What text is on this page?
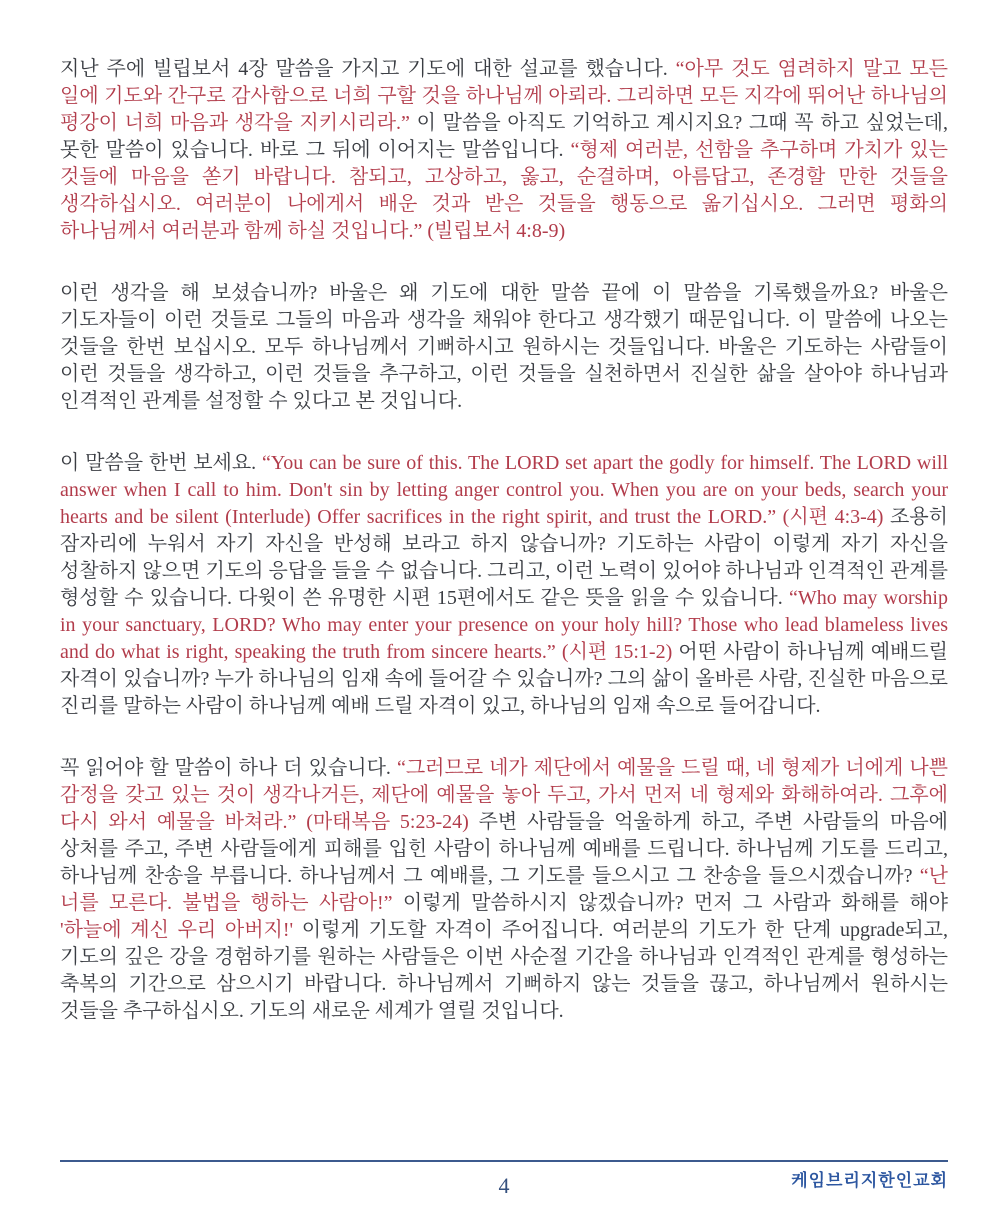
지난 주에 빌립보서 4장 말씀을 가지고 기도에 대한 설교를 했습니다. “아무 것도 염려하지 말고 모든 일에 기도와 간구로 감사함으로 너희 구할 것을 하나님께 아뢰라. 그리하면 모든 지각에 뛰어난 하나님의 평강이 너희 마음과 생각을 지키시리라.” 이 말씀을 아직도 기억하고 계시지요? 그때 꼭 하고 싶었는데, 못한 말씀이 있습니다. 바로 그 뒤에 이어지는 말씀입니다. “형제 여러분, 선함을 추구하며 가치가 있는 것들에 마음을 쏟기 바랍니다. 참되고, 고상하고, 옳고, 순결하며, 아름답고, 존경할 만한 것들을 생각하십시오. 여러분이 나에게서 배운 것과 받은 것들을 행동으로 옮기십시오. 그러면 평화의 하나님께서 여러분과 함께 하실 것입니다.” (빌립보서 4:8-9)

이런 생각을 해 보셨습니까? 바울은 왜 기도에 대한 말씀 끝에 이 말씀을 기록했을까요? 바울은 기도자들이 이런 것들로 그들의 마음과 생각을 채워야 한다고 생각했기 때문입니다. 이 말씀에 나오는 것들을 한번 보십시오. 모두 하나님께서 기뻐하시고 원하시는 것들입니다. 바울은 기도하는 사람들이 이런 것들을 생각하고, 이런 것들을 추구하고, 이런 것들을 실천하면서 진실한 삶을 살아야 하나님과 인격적인 관계를 설정할 수 있다고 본 것입니다.

이 말씀을 한번 보세요. “You can be sure of this. The LORD set apart the godly for himself. The LORD will answer when I call to him. Don't sin by letting anger control you. When you are on your beds, search your hearts and be silent (Interlude) Offer sacrifices in the right spirit, and trust the LORD.” (시편 4:3-4) 조용히 잠자리에 누워서 자기 자신을 반성해 보라고 하지 않습니까? 기도하는 사람이 이렇게 자기 자신을 성찰하지 않으면 기도의 응답을 들을 수 없습니다. 그리고, 이런 노력이 있어야 하나님과 인격적인 관계를 형성할 수 있습니다. 다윗이 쓴 유명한 시편 15편에서도 같은 뜻을 읽을 수 있습니다. “Who may worship in your sanctuary, LORD? Who may enter your presence on your holy hill? Those who lead blameless lives and do what is right, speaking the truth from sincere hearts.” (시편 15:1-2) 어떤 사람이 하나님께 예배드릴 자격이 있습니까? 누가 하나님의 임재 속에 들어갈 수 있습니까? 그의 삶이 올바른 사람, 진실한 마음으로 진리를 말하는 사람이 하나님께 예배 드릴 자격이 있고, 하나님의 임재 속으로 들어갑니다.

꼭 읽어야 할 말씀이 하나 더 있습니다. “그러므로 네가 제단에서 예물을 드릴 때, 네 형제가 너에게 나쁜 감정을 갖고 있는 것이 생각나거든, 제단에 예물을 놓아 두고, 가서 먼저 네 형제와 화해하여라. 그후에 다시 와서 예물을 바쳐라.” (마태복음 5:23-24) 주변 사람들을 억울하게 하고, 주변 사람들의 마음에 상처를 주고, 주변 사람들에게 피해를 입힌 사람이 하나님께 예배를 드립니다. 하나님께 기도를 드리고, 하나님께 찬송을 부릅니다. 하나님께서 그 예배를, 그 기도를 들으시고 그 찬송을 들으시겠습니까? “난 너를 모른다. 불법을 행하는 사람아!” 이렇게 말씀하시지 않겠습니까? 먼저 그 사람과 화해를 해야 '하늘에 계신 우리 아버지!' 이렇게 기도할 자격이 주어집니다. 여러분의 기도가 한 단계 upgrade되고, 기도의 깊은 강을 경험하기를 원하는 사람들은 이번 사순절 기간을 하나님과 인격적인 관계를 형성하는 축복의 기간으로 삼으시기 바랍니다. 하나님께서 기뻐하지 않는 것들을 끊고, 하나님께서 원하시는 것들을 추구하십시오. 기도의 새로운 세계가 열릴 것입니다.

케임브리지한인교회
4
